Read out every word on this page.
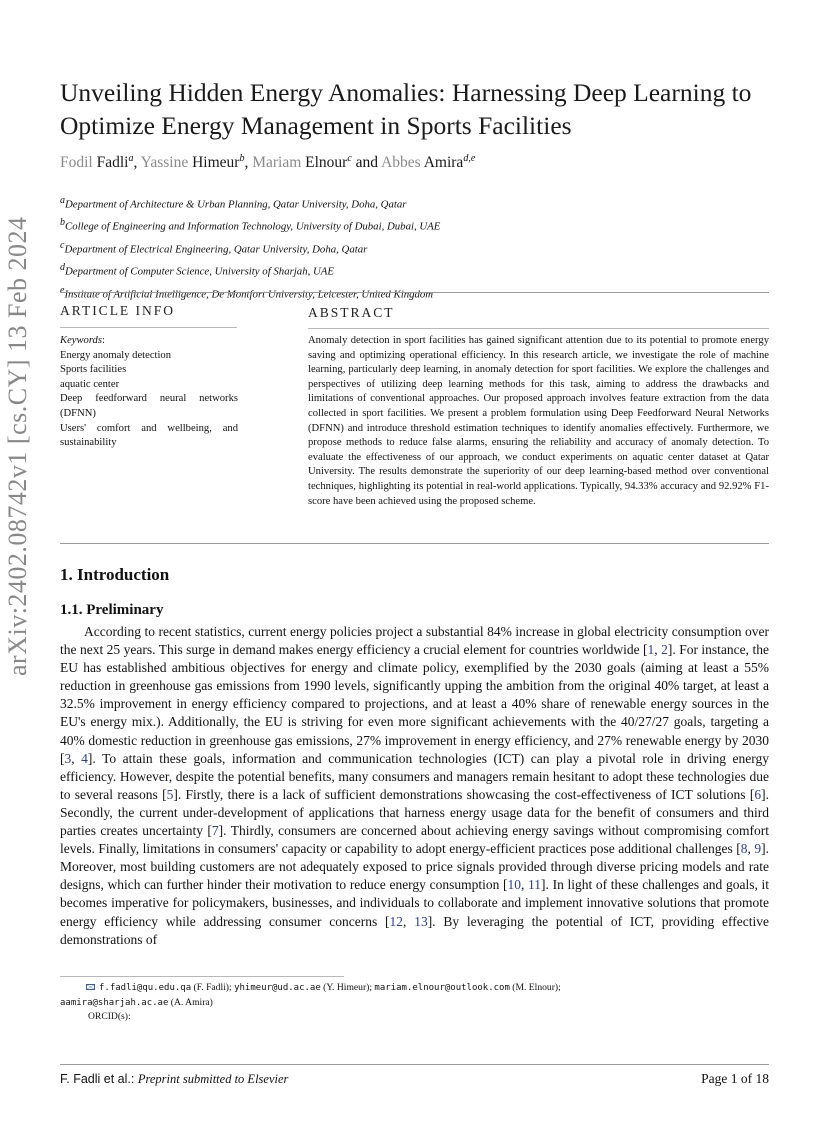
arXiv:2402.08742v1 [cs.CY] 13 Feb 2024
Unveiling Hidden Energy Anomalies: Harnessing Deep Learning to Optimize Energy Management in Sports Facilities
Fodil Fadli$^a$, Yassine Himeur$^b$, Mariam Elnour$^c$ and Abbes Amira$^{d,e}$
$^a$Department of Architecture & Urban Planning, Qatar University, Doha, Qatar
$^b$College of Engineering and Information Technology, University of Dubai, Dubai, UAE
$^c$Department of Electrical Engineering, Qatar University, Doha, Qatar
$^d$Department of Computer Science, University of Sharjah, UAE
$^e$Institute of Artificial Intelligence, De Montfort University, Leicester, United Kingdom
ARTICLE INFO
Keywords:
Energy anomaly detection
Sports facilities
aquatic center
Deep feedforward neural networks (DFNN)
Users' comfort and wellbeing, and sustainability
ABSTRACT
Anomaly detection in sport facilities has gained significant attention due to its potential to promote energy saving and optimizing operational efficiency. In this research article, we investigate the role of machine learning, particularly deep learning, in anomaly detection for sport facilities. We explore the challenges and perspectives of utilizing deep learning methods for this task, aiming to address the drawbacks and limitations of conventional approaches. Our proposed approach involves feature extraction from the data collected in sport facilities. We present a problem formulation using Deep Feedforward Neural Networks (DFNN) and introduce threshold estimation techniques to identify anomalies effectively. Furthermore, we propose methods to reduce false alarms, ensuring the reliability and accuracy of anomaly detection. To evaluate the effectiveness of our approach, we conduct experiments on aquatic center dataset at Qatar University. The results demonstrate the superiority of our deep learning-based method over conventional techniques, highlighting its potential in real-world applications. Typically, 94.33% accuracy and 92.92% F1-score have been achieved using the proposed scheme.
1. Introduction
1.1. Preliminary

According to recent statistics, current energy policies project a substantial 84% increase in global electricity consumption over the next 25 years. This surge in demand makes energy efficiency a crucial element for countries worldwide [1, 2]. For instance, the EU has established ambitious objectives for energy and climate policy, exemplified by the 2030 goals (aiming at least a 55% reduction in greenhouse gas emissions from 1990 levels, significantly upping the ambition from the original 40% target, at least a 32.5% improvement in energy efficiency compared to projections, and at least a 40% share of renewable energy sources in the EU's energy mix.). Additionally, the EU is striving for even more significant achievements with the 40/27/27 goals, targeting a 40% domestic reduction in greenhouse gas emissions, 27% improvement in energy efficiency, and 27% renewable energy by 2030 [3, 4]. To attain these goals, information and communication technologies (ICT) can play a pivotal role in driving energy efficiency. However, despite the potential benefits, many consumers and managers remain hesitant to adopt these technologies due to several reasons [5]. Firstly, there is a lack of sufficient demonstrations showcasing the cost-effectiveness of ICT solutions [6]. Secondly, the current under-development of applications that harness energy usage data for the benefit of consumers and third parties creates uncertainty [7]. Thirdly, consumers are concerned about achieving energy savings without compromising comfort levels. Finally, limitations in consumers' capacity or capability to adopt energy-efficient practices pose additional challenges [8, 9]. Moreover, most building customers are not adequately exposed to price signals provided through diverse pricing models and rate designs, which can further hinder their motivation to reduce energy consumption [10, 11]. In light of these challenges and goals, it becomes imperative for policymakers, businesses, and individuals to collaborate and implement innovative solutions that promote energy efficiency while addressing consumer concerns [12, 13]. By leveraging the potential of ICT, providing effective demonstrations of

f.fadli@qu.edu.qa (F. Fadli); yhimeur@ud.ac.ae (Y. Himeur); mariam.elnour@outlook.com (M. Elnour);
aamira@sharjah.ac.ae (A. Amira)
ORCID(s):
F. Fadli et al.: Preprint submitted to Elsevier	Page 1 of 18
